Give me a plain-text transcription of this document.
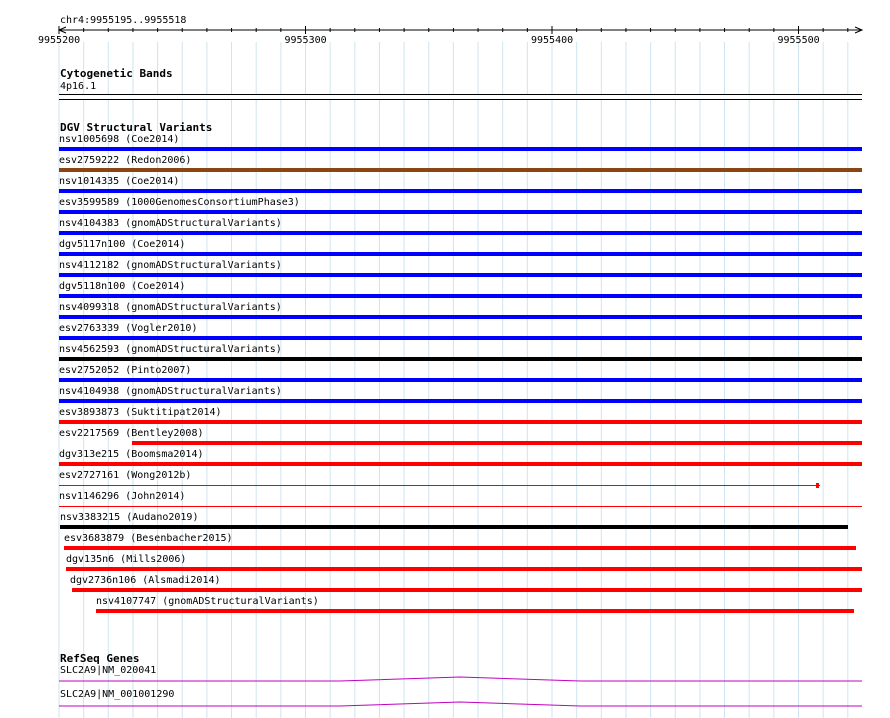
chr4:9955195..9955518
9955200	9955300	9955400	9955500
Cytogenetic Bands
4p16.1
DGV Structural Variants
nsv1005698 (Coe2014)
esv2759222 (Redon2006)
nsv1014335 (Coe2014)
esv3599589 (1000GenomesConsortiumPhase3)
nsv4104383 (gnomADStructuralVariants)
dgv5117n100 (Coe2014)
nsv4112182 (gnomADStructuralVariants)
dgv5118n100 (Coe2014)
nsv4099318 (gnomADStructuralVariants)
esv2763339 (Vogler2010)
nsv4562593 (gnomADStructuralVariants)
esv2752052 (Pinto2007)
nsv4104938 (gnomADStructuralVariants)
esv3893873 (Suktitipat2014)
esv2217569 (Bentley2008)
dgv313e215 (Boomsma2014)
esv2727161 (Wong2012b)
nsv1146296 (John2014)
nsv3383215 (Audano2019)
esv3683879 (Besenbacher2015)
dgv135n6 (Mills2006)
dgv2736n106 (Alsmadi2014)
nsv4107747 (gnomADStructuralVariants)
RefSeq Genes
SLC2A9|NM_020041
SLC2A9|NM_001001290
